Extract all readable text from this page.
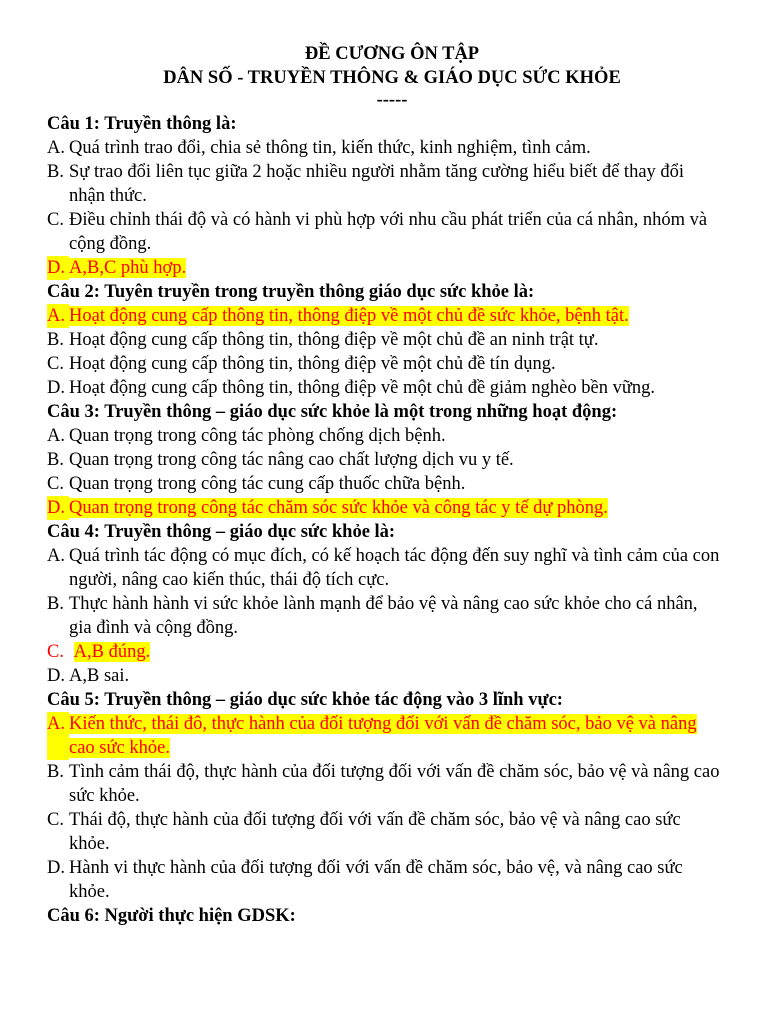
ĐỀ CƯƠNG ÔN TẬP

DÂN SỐ - TRUYỀN THÔNG & GIÁO DỤC SỨC KHỎE

-----

Câu 1: Truyền thông là:

A. Quá trình trao đổi, chia sẻ thông tin, kiến thức, kinh nghiệm, tình cảm.
B. Sự trao đổi liên tục giữa 2 hoặc nhiều người nhằm tăng cường hiểu biết để thay đổi nhận thức.
C. Điều chỉnh thái độ và có hành vi phù hợp với nhu cầu phát triển của cá nhân, nhóm và cộng đồng.
D. A,B,C phù hợp.

Câu 2: Tuyên truyền trong truyền thông giáo dục sức khỏe là:

A. Hoạt động cung cấp thông tin, thông điệp về một chủ đề sức khỏe, bệnh tật.
B. Hoạt động cung cấp thông tin, thông điệp về một chủ đề an ninh trật tự.
C. Hoạt động cung cấp thông tin, thông điệp về một chủ đề tín dụng.
D. Hoạt động cung cấp thông tin, thông điệp về một chủ đề giảm nghèo bền vững.

Câu 3: Truyền thông – giáo dục sức khỏe là một trong những hoạt động:

A. Quan trọng trong công tác phòng chống dịch bệnh.
B. Quan trọng trong công tác nâng cao chất lượng dịch vu y tế.
C. Quan trọng trong công tác cung cấp thuốc chữa bệnh.
D. Quan trọng trong công tác chăm sóc sức khỏe và công tác y tế dự phòng.

Câu 4: Truyền thông – giáo dục sức khỏe là:

A. Quá trình tác động có mục đích, có kế hoạch tác động đến suy nghĩ và tình cảm của con người, nâng cao kiến thúc, thái độ tích cực.
B. Thực hành hành vi sức khỏe lành mạnh để bảo vệ và nâng cao sức khỏe cho cá nhân, gia đình và cộng đồng.
C. A,B đúng.
D. A,B sai.

Câu 5: Truyền thông – giáo dục sức khỏe tác động vào 3 lĩnh vực:

A. Kiến thức, thái đô, thực hành của đối tượng đối với vấn đề chăm sóc, bảo vệ và nâng cao sức khỏe.
B. Tình cảm thái độ, thực hành của đối tượng đối với vấn đề chăm sóc, bảo vệ và nâng cao sức khỏe.
C. Thái độ, thực hành của đối tượng đối với vấn đề chăm sóc, bảo vệ và nâng cao sức khỏe.
D. Hành vi thực hành của đối tượng đối với vấn đề chăm sóc, bảo vệ, và nâng cao sức khỏe.

Câu 6: Người thực hiện GDSK:
